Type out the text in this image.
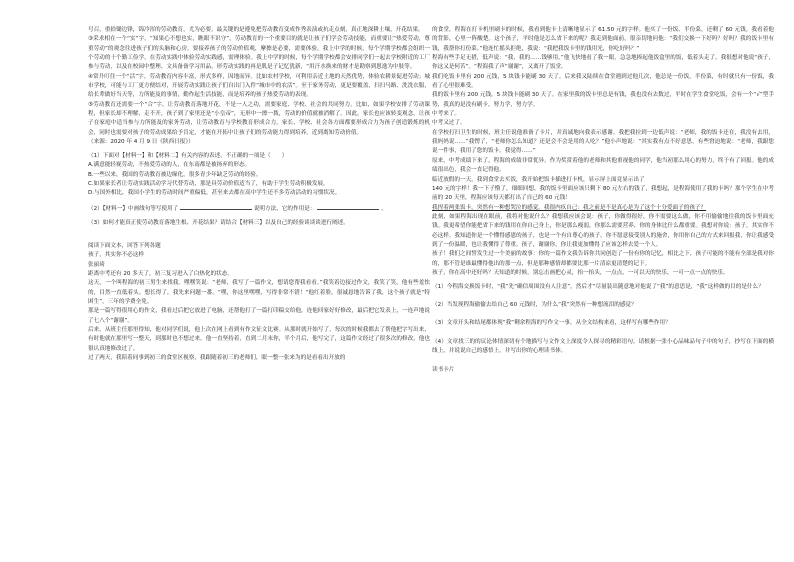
号召，重拾锄边锋，锦冷浑的劳动教育，尤为必要。最关键的是遵免把劳动教育变成作秀表演或抗走点刻，真正地深耕土壤，开花结果。

③采求相在一个“实”字。“知果心不想也实，瞧眼不识守”。劳动教育的一个重要目的就是让孩子们学会劳动技能，而重要让“热爱劳动，尊重劳动”的观念往进孩子们的头脑和心房。要接养孩子的劳动价值观，摩擦是必要，需要体验。我上中学的时候，每个学期学校都会组织一个劳动的十个勤工俭学，在劳动实践中体验劳动实践感，需理体验。我上中学的时候，每个学期学校都会安排同学们一起去学校附近的工厂参与劳动，以及在校园中整理、文具备备学习用品。形劳动实践的再是肌是子记忆犹新，“用汗水换来的财才是勘察到恩逸为中肢等。

④常升叮住一个“活”字。劳动教育内容丰富，形式多样，因地而异。比如农村学校，可利用亲近土地的天然优势，体验农耕景促进劳动；城市学校，可能与工厂更方便结对，开展劳动实践让孩子们自出门入件“城市中的农活”。至于家务劳动，更是要覆盖，扫扫马路、洗洗衣服，给长辈做好当天等，力所能及的事情，勤作起生活技能，而是培养的孩子热爱劳动的表现。

⑤劳动教育还需要一个“合”字。让劳动教育落地开花，不是一人之功，需要家庭、学校、社会的共同努力。比如，如果学校安排了劳动课程，但家长却不理解，走不开，孩子到了家里还是“小皇帝”，无形中一擦一拨，劳动的价值就被消解了。因此，家长也应该转变观念，让孩子在家庭中适当参与力所能及的家务劳动，让劳动教育与学校教育形成合力，家长、学校、社会各方面都要形成合力为孩子创造锻炼的机会，同时也需要对孩子的劳动成果给予肯定，才能在开拓中让孩子们的劳动能力得到培养，近到离知劳动价值。

（来源：2020 年 4 月 9 日《陕西日报》）

（1）下面对【材料一】和【材料二】有关内容的表述，不正确的一项是（　　）

A.满意能轻视劳动，不热爱劳动的人，在东南都是被扬弃的形态。

B.一些以来，我国的劳动教育被边缘化，很多青少年缺乏劳动的经验。

C.如果家长者让劳动实践活动学习代替劳动，那是具劳动价值适当了，有助于学生劳动积极发展。

D.与国外相比，我国小学生的劳动时间严重偏低，甚至来去都在高中学生还不多劳动活动的习惯状况。

（2）【材料一】中画线句等写使用了	说明方法，它的作用是：	。

（3）如何才能真正使劳动教育落地生根、开花结果？请结合【材料三】以及自己的经验谈谈谈进行阐述。

阅读下面文本，回答下列各题

孩子，其实你不必这样

张丽琦

距离中考还有 20 多天了，初三复习进入了白热化的状态。

这天，一个叫程海的初三男生来找我。嘿嘿笑说：“老师，我写了一篇作文，想请您帮我看看。”我笑着边接过作文，我笑了笑，他有些羞怯的，目然一直低着头。想长得了，我先来问题一番。“嘿，你这里嘿嘿，写得非常不错！”他红着脸，很诚恳地告诉了我，这个孩子就是“特困生”，三年的学费全免。

那是一篇写得很用心的作文，我看过后把它放进了电脑，还帮他打了一篇打印稿交给他，连他回家好好修改，最后把它发表上，一连声地说了七八个“谢谢”。

后来，从班主任那里得知，他对同学们说，他上次在网上看到有作文征文比赛。从那时就开始写了，每次的时候我都去了帮他把字写出来，有时他就在那里写一整天，到那时也不想过来，他一直坚持着，直到二月末你，半个月后，他写完了，这篇作文经过了很多次的修改，他也很认真地修改过了。

过了两天，我陪着同事到初三的食堂区视察，我跟随着初三的老师们，眼一整一张来为的是看看出开放的

的食堂，程海在打卡机里刷卡的时候，我看到他卡上清晰地显示了 61.50 元的字样。他买了一份饭、半份菜，还剩了 60 元钱。我看着他的背影，心里一阵酸楚。这个孩子，平时他是怎么省下来的呢？我走到他面前，很亲切地问他：“我们交换一下好吗？好吗？我的饭卡里有钱，我帮你打份菜。”他连忙摇头拒绝，我说：“我把我饭卡里的钱用光，你吃好吗？”

程海有些手足无措，低声说：“我，我的……钱够用。”他飞快地看了我一眼，急急地捧起他饭盒里的饭，低着头走了，我很想对他说“孩子，你这又是何苦”。“程海我了声“谢谢”，又离开了饭堂。

我们吃饭卡里有 200 元钱，5 块钱卡能刷 30 天了。后来我又陆续在食堂遇到过他几次，他总是一份饭，半份菜，有时就只有一份饭，我看了心里很难受。

我的饭卡里有 200 元钱，5 块钱卡能刷 30 天了。在家里我的饭卡里总是有钱，我也没有去数过，平时在学生食堂吃饭，会有一个“√”型手势，我真的是没有刷卡，努力学，努力学。

中考来了。

中考又过了。

在学校打扫卫生的时候，班主任说他准备了卡片，并真诚地向我表示感谢。我把我拉到一边低声说：“老师，我的饭卡还在，我没有去用，我妈妈说……”我愣了，“老师你怎么知道？还是会不会是用的人吃？”他小声地说：“其实我有点不好意思，有些窘迫地说：“老师，我跟您说一件事，我用了您的饭卡。我觉得……”

原来，中考成绩下来了，程海的成绩非常优异。作为奖赏着他的老师和其他重视他的同学，他当初那么用心的努力，终于有了回报。他的成绩很出色，我会一直记得他。

临近放假的一天，我到食堂去买饭，我开始把饭卡插进打卡机，显示屏上面竟显示出了

140 元的字样！我一下子懵了，细细回想，我的饭卡里面应该只剩下 80 元左右的钱了，我想起，是程海使用了我的卡吗？那个学生在中考前的 20 天里，程海应该每天都打出了自己的 60 元钱！

我捏着两张饭卡，突然有一种想哭泣的感觉。我很内疚自己：我之前是不是真心是为了这个十分爱面子的孩子？

此刻，如果程海出现在眼前，我将对他说什么？我想我应该会说：孩子，你做得很好，你不需要这么做，你不用偷偷地往我的饭卡里面充钱。我更希望你能把省下来的钱用在你自己身上，你是那么瘦弱，你那么需要营养，你的身体比什么都重要。我想对你说：孩子，其实你不必这样。我知道你是一个懂得感恩的孩子，也是一个有自尊心的孩子。你不愿意接受别人的施舍，你用你自己的方式来回报我，你让我感受到了一份温暖，也让我懂得了尊重。孩子，谢谢你，你让我更加懂得了应该怎样去爱一个人。

孩子！我们之间誓发生过一个美丽的故事：你的一篇作文我告诉你共同创造了一份有你的记忆，相比之下，孩子可能的不能有全部是我对你的，那不管是谁最懂得他出的那一点，但是那种感情却都要比那一片清凉更清楚的记下。

孩子，你在高中还好吗？天知道的时候，别忘击画把心灵，抬一抬头，一点点，一可以天的快乐，一可一点一点的快乐。

（1）今程海交换饭卡时，“我”先“确信周围没有人注意”，然后才“尽量装出随意地对他说了“我”的意思是，“我”这样做的目的是什么？

（2）当发现程海偷偷去给自己 60 元钱时，为什么“我”突然有一种想流泪的感觉？

（3）文章开头和结尾都体现“我”剩余程海的写作文一事，从全文结构来看，这样写有哪些作用？

（4）文章找三的的议论体情深切有个地描写与文作文上深度令人探寻的精彩语句。请根据一张小心品味品句子中的句子，抄写在下面的横线上，并说说自己的感悟上。并写出你的心理读书体。

读书卡片
